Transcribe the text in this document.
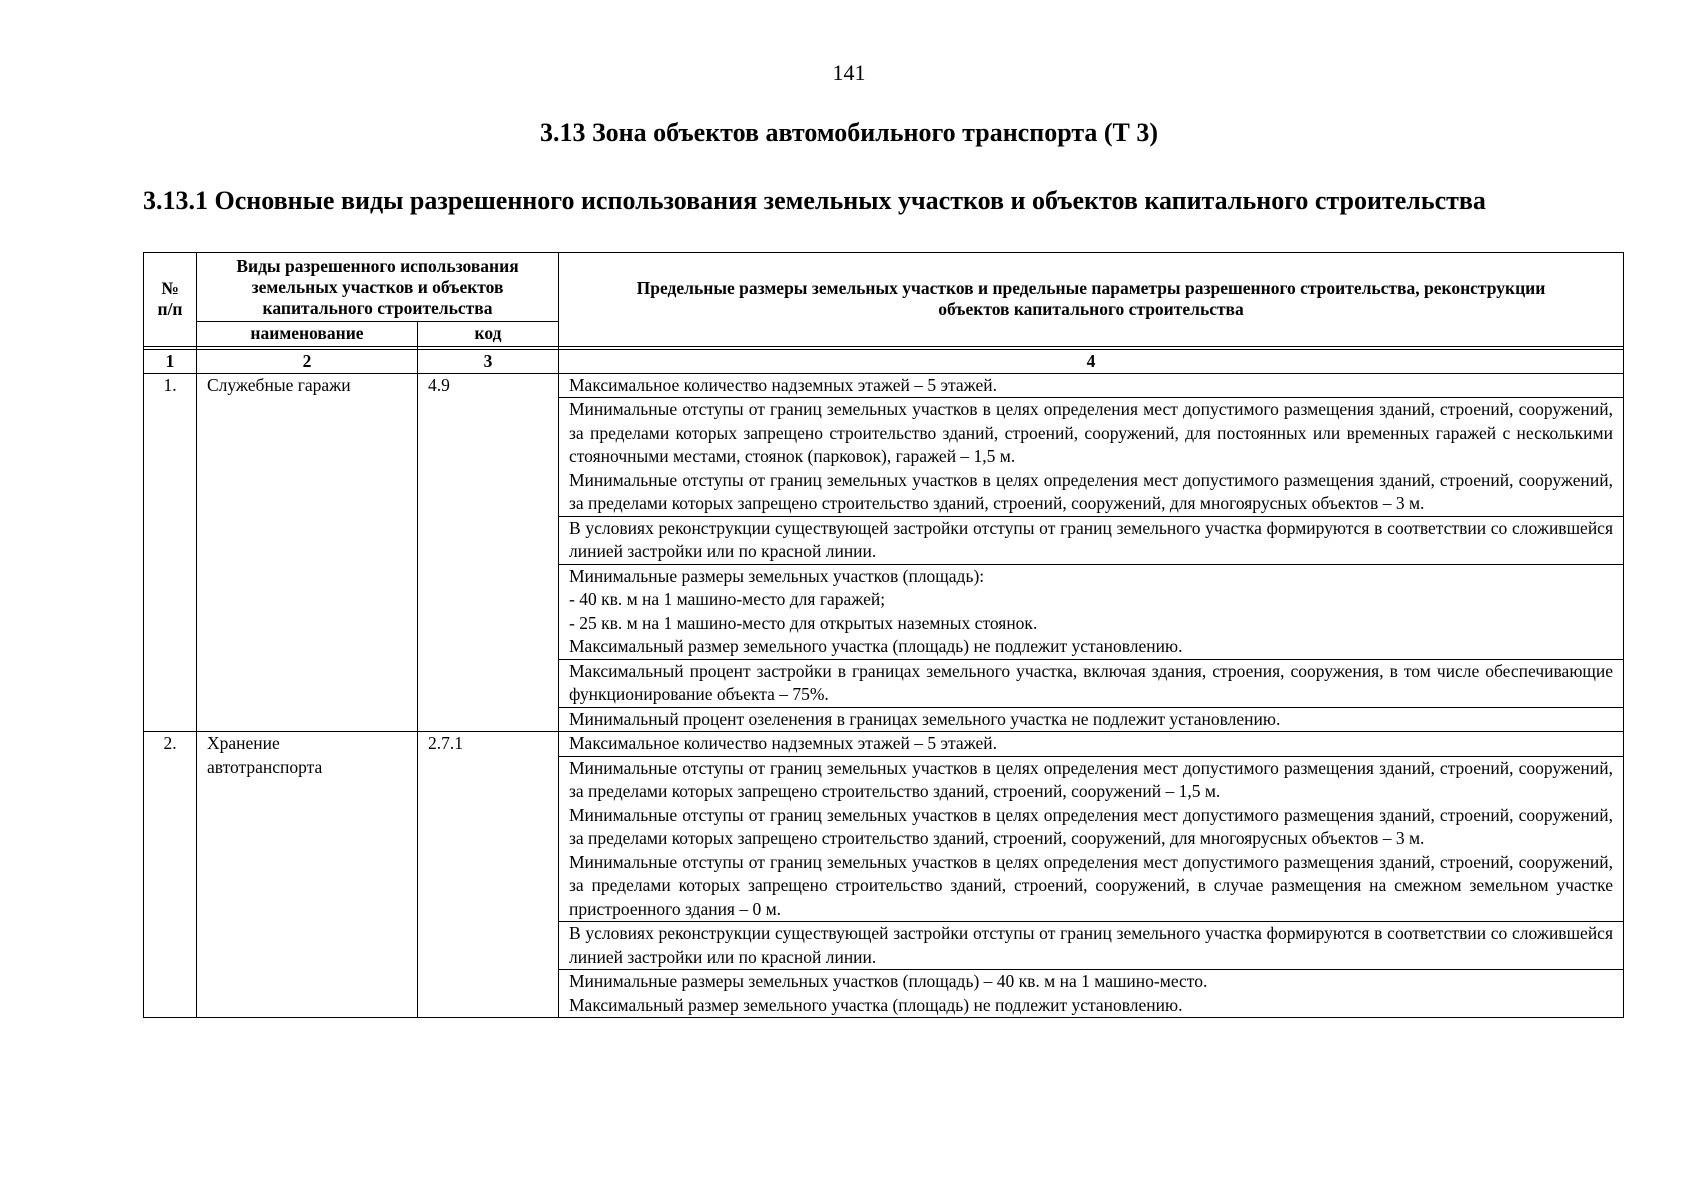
141
3.13 Зона объектов автомобильного транспорта (Т 3)
3.13.1 Основные виды разрешенного использования земельных участков и объектов капитального строительства
№ п/п	Виды разрешенного использования земельных участков и объектов капитального строительства		Предельные размеры земельных участков и предельные параметры разрешенного строительства, реконструкции объектов капитального строительства
	наименование	код	

1	2	3	4
1.	Служебные гаражи	4.9	Максимальное количество надземных этажей – 5 этажей.

			Минимальные отступы от границ земельных участков в целях определения мест допустимого размещения зданий, строений, сооружений, за пределами которых запрещено строительство зданий, строений, сооружений, для постоянных или временных гаражей с несколькими стояночными местами, стоянок (парковок), гаражей – 1,5 м.
Минимальные отступы от границ земельных участков в целях определения мест допустимого размещения зданий, строений, сооружений, за пределами которых запрещено строительство зданий, строений, сооружений, для многоярусных объектов – 3 м.

			В условиях реконструкции существующей застройки отступы от границ земельного участка формируются в соответствии со сложившейся линией застройки или по красной линии.

			Минимальные размеры земельных участков (площадь):
- 40 кв. м на 1 машино-место для гаражей;
- 25 кв. м на 1 машино-место для открытых наземных стоянок.
Максимальный размер земельного участка (площадь) не подлежит установлению.

			Максимальный процент застройки в границах земельного участка, включая здания, строения, сооружения, в том числе обеспечивающие функционирование объекта – 75%.

			Минимальный процент озеленения в границах земельного участка не подлежит установлению.

2.	Хранение автотранспорта	2.7.1	Максимальное количество надземных этажей – 5 этажей.

			Минимальные отступы от границ земельных участков в целях определения мест допустимого размещения зданий, строений, сооружений, за пределами которых запрещено строительство зданий, строений, сооружений – 1,5 м.
Минимальные отступы от границ земельных участков в целях определения мест допустимого размещения зданий, строений, сооружений, за пределами которых запрещено строительство зданий, строений, сооружений, для многоярусных объектов – 3 м.
Минимальные отступы от границ земельных участков в целях определения мест допустимого размещения зданий, строений, сооружений, за пределами которых запрещено строительство зданий, строений, сооружений, в случае размещения на смежном земельном участке пристроенного здания – 0 м.

			В условиях реконструкции существующей застройки отступы от границ земельного участка формируются в соответствии со сложившейся линией застройки или по красной линии.

			Минимальные размеры земельных участков (площадь) – 40 кв. м на 1 машино-место.
Максимальный размер земельного участка (площадь) не подлежит установлению.
